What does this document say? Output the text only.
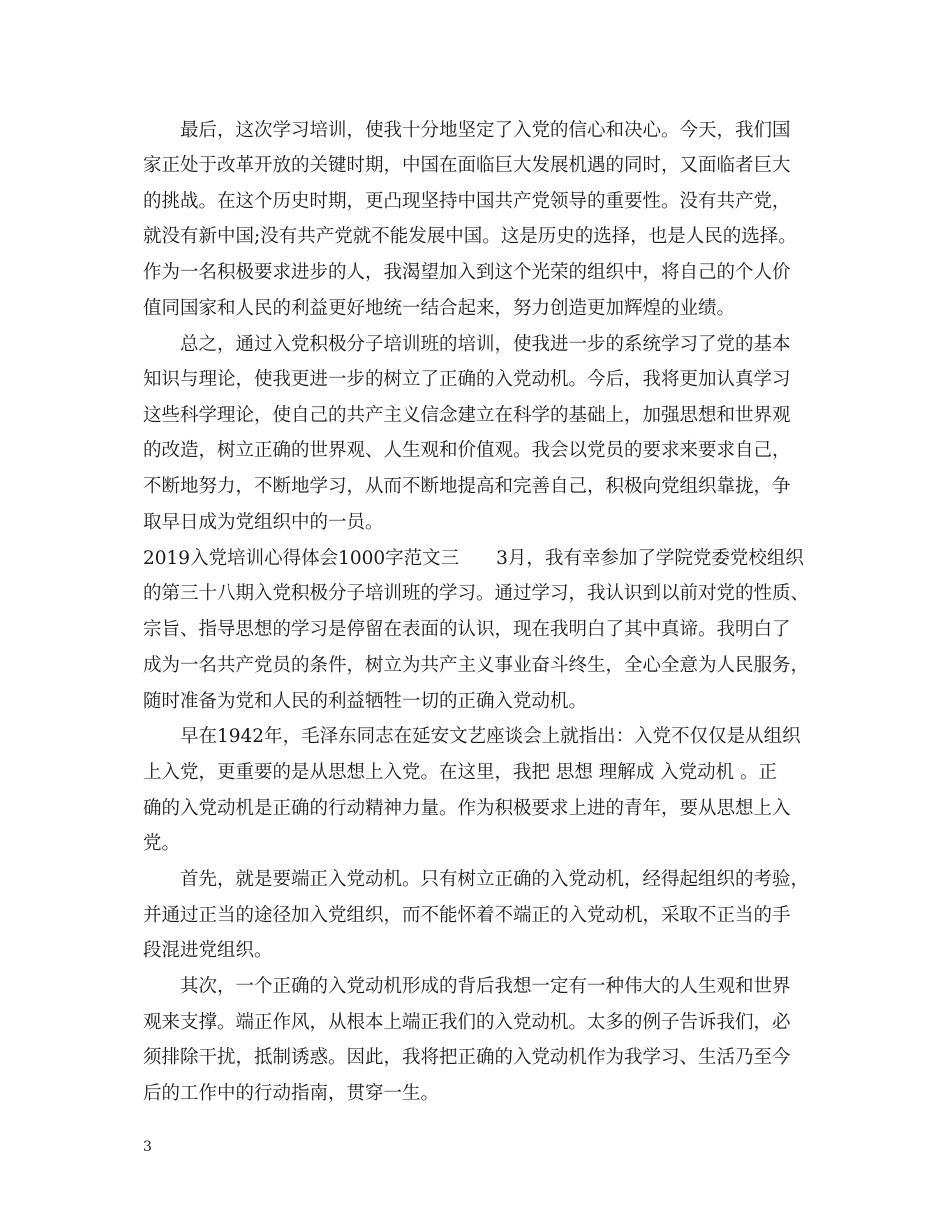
　　最后，这次学习培训，使我十分地坚定了入党的信心和决心。今天，我们国
家正处于改革开放的关键时期，中国在面临巨大发展机遇的同时，又面临者巨大
的挑战。在这个历史时期，更凸现坚持中国共产党领导的重要性。没有共产党，
就没有新中国;没有共产党就不能发展中国。这是历史的选择，也是人民的选择。
作为一名积极要求进步的人，我渴望加入到这个光荣的组织中，将自己的个人价
值同国家和人民的利益更好地统一结合起来，努力创造更加辉煌的业绩。
　　总之，通过入党积极分子培训班的培训，使我进一步的系统学习了党的基本
知识与理论，使我更进一步的树立了正确的入党动机。今后，我将更加认真学习
这些科学理论，使自己的共产主义信念建立在科学的基础上，加强思想和世界观
的改造，树立正确的世界观、人生观和价值观。我会以党员的要求来要求自己，
不断地努力，不断地学习，从而不断地提高和完善自己，积极向党组织靠拢，争
取早日成为党组织中的一员。
2019入党培训心得体会1000字范文三　　3月，我有幸参加了学院党委党校组织
的第三十八期入党积极分子培训班的学习。通过学习，我认识到以前对党的性质、
宗旨、指导思想的学习是停留在表面的认识，现在我明白了其中真谛。我明白了
成为一名共产党员的条件，树立为共产主义事业奋斗终生，全心全意为人民服务，
随时准备为党和人民的利益牺牲一切的正确入党动机。
　　早在1942年，毛泽东同志在延安文艺座谈会上就指出：入党不仅仅是从组织
上入党，更重要的是从思想上入党。在这里，我把 思想 理解成 入党动机 。正
确的入党动机是正确的行动精神力量。作为积极要求上进的青年，要从思想上入
党。
　　首先，就是要端正入党动机。只有树立正确的入党动机，经得起组织的考验，
并通过正当的途径加入党组织，而不能怀着不端正的入党动机，采取不正当的手
段混进党组织。
　　其次，一个正确的入党动机形成的背后我想一定有一种伟大的人生观和世界
观来支撑。端正作风，从根本上端正我们的入党动机。太多的例子告诉我们，必
须排除干扰，抵制诱惑。因此，我将把正确的入党动机作为我学习、生活乃至今
后的工作中的行动指南，贯穿一生。
3
